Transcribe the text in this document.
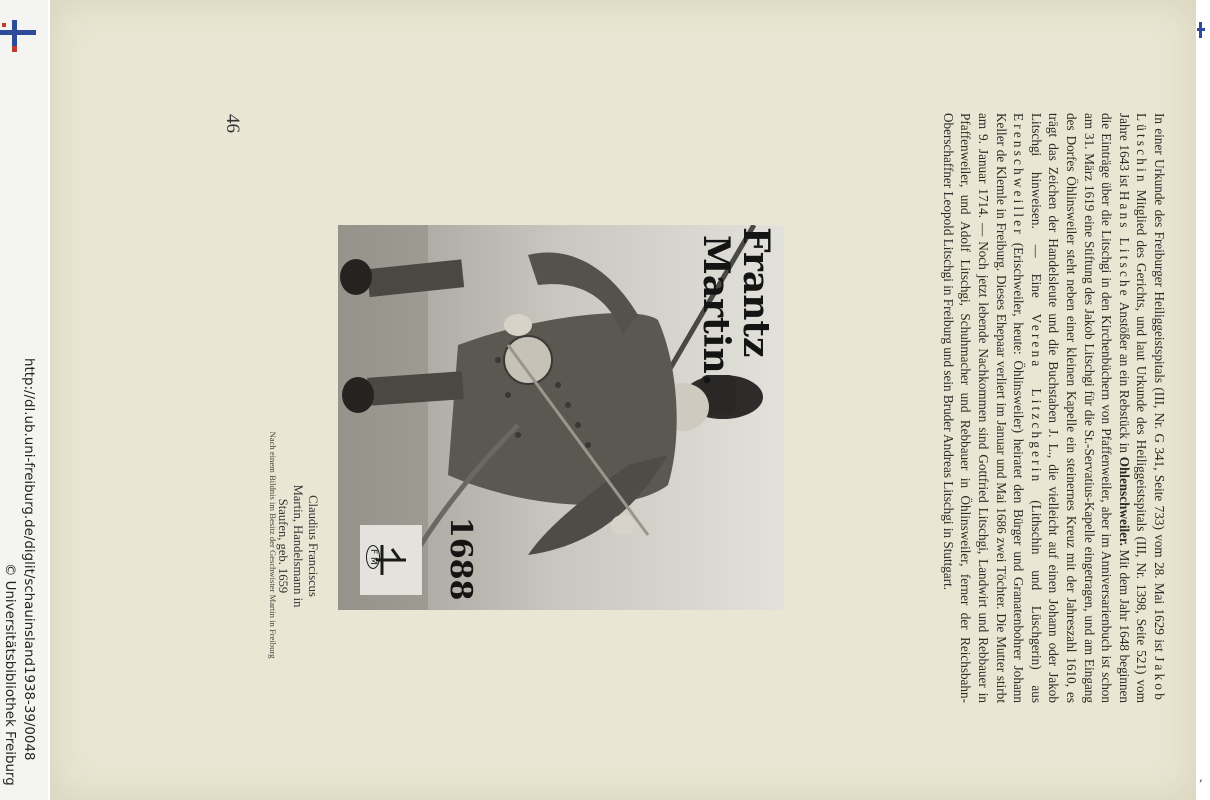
‚

In einer Urkunde des Freiburger Heiliggeistspitals (III, Nr. G 341, Seite 733) vom 28. Mai 1629 ist Jakob Lütschin Mitglied des Gerichts, und laut Urkunde des Heiliggeistspitals (III, Nr. 1398, Seite 521) vom Jahre 1643 ist Hans Litsche Anstößer an ein Rebstück in Ohlenschweiler. Mit dem Jahr 1648 beginnen die Einträge über die Litschgi in den Kirchenbüchern von Pfaffenweiler, aber im Anniversarienbuch ist schon am 31. März 1619 eine Stiftung des Jakob Litschgi für die St.-Servatius-Kapelle eingetragen, und am Eingang des Dorfes Öhlinsweiler steht neben einer kleinen Kapelle ein steinernes Kreuz mit der Jahreszahl 1610, es trägt das Zeichen der Handelsleute und die Buchstaben J. L., die vielleicht auf einen Johann oder Jakob Litschgi hinweisen. — Eine Verena Litzchgerin (Lithschin und Lüschgerin) aus Erenschweiller (Erischweiler, heute: Öhlinsweiler) heiratet den Bürger und Granatenbohrer Johann Keller de Klemle in Freiburg. Dieses Ehepaar verliert im Januar und Mai 1686 zwei Töchter. Die Mutter stirbt am 9. Januar 1714. — Noch jetzt lebende Nachkommen sind Gottfried Litschgi, Landwirt und Rebbauer in Pfaffenweiler, und Adolf Litschgi, Schuhmacher und Rebbauer in Öhlinsweiler, ferner der Reichsbahn-Oberschaffner Leopold Litschgi in Freiburg und sein Bruder Andreas Litschgi in Stuttgart.

46
Frantz
Martin.
1688
F M
Claudius Franciscus Martin, Handelsmann in Staufen, geb. 1659
Nach einem Bildnis im Besitz der Geschwister Martin in Freiburg
http://dl.ub.uni-freiburg.de/diglit/schauinsland1938-39/0048
© Universitätsbibliothek Freiburg
